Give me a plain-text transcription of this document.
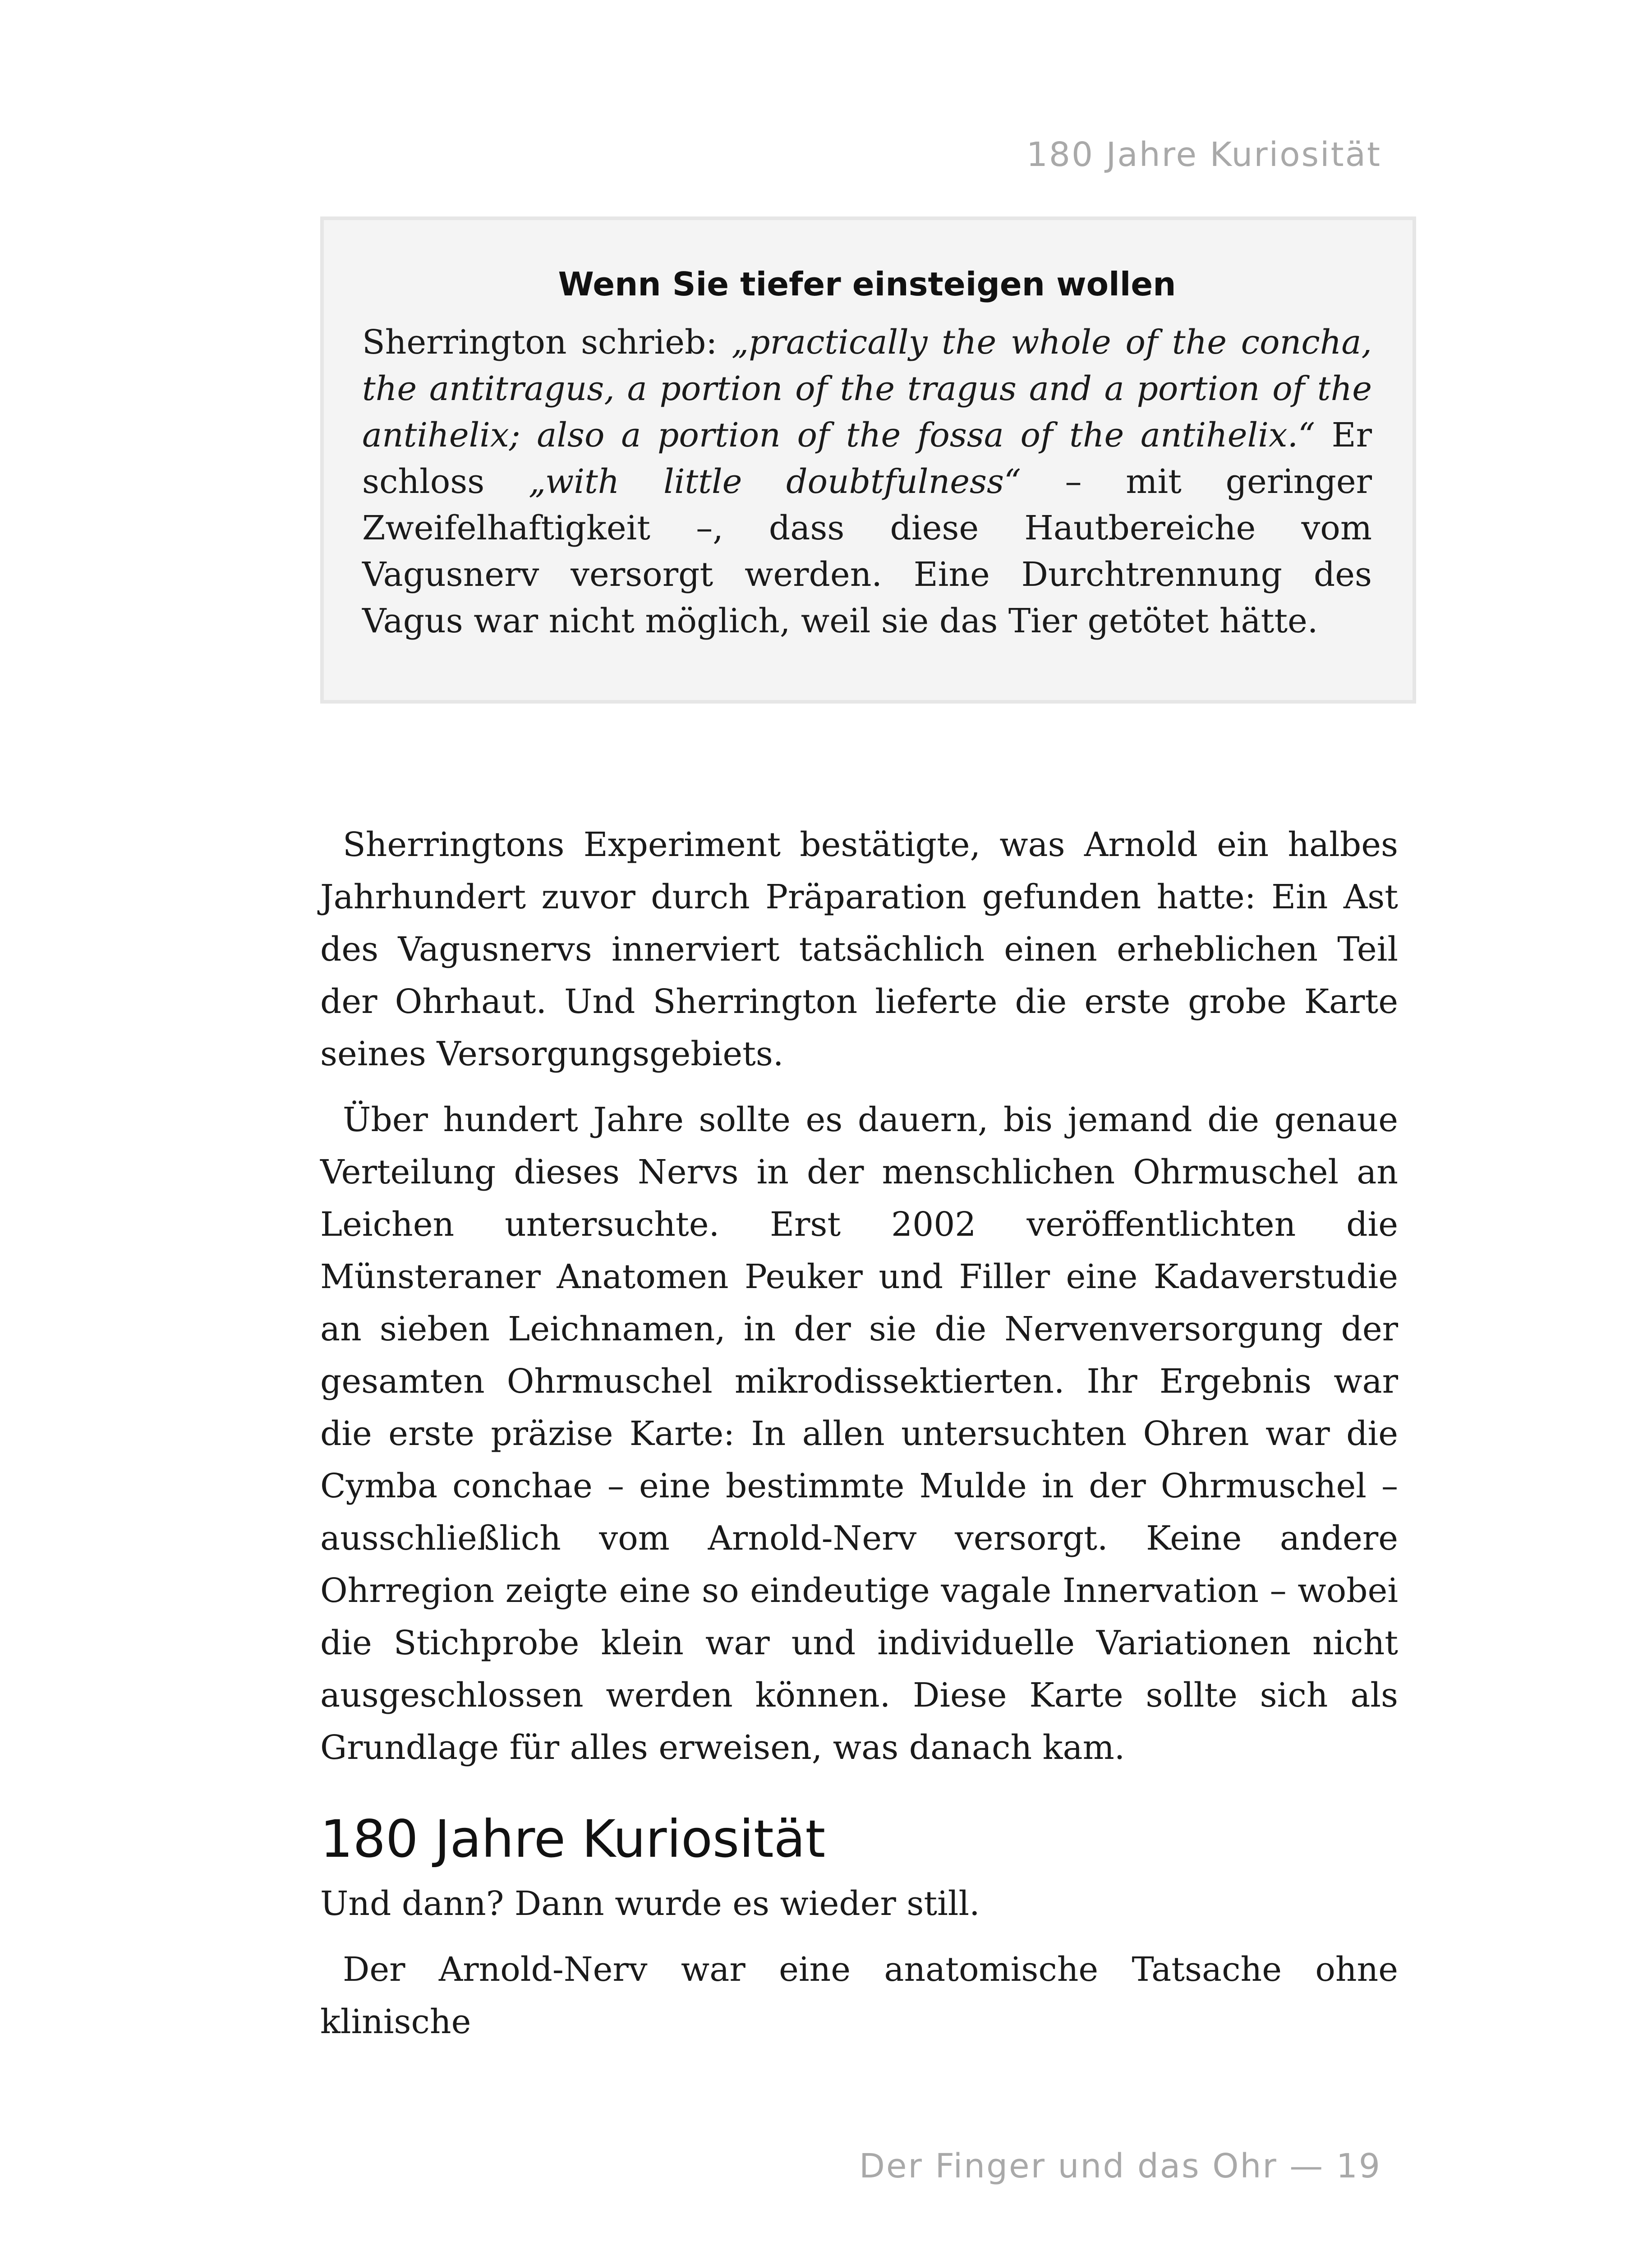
180 Jahre Kuriosität
Wenn Sie tiefer einsteigen wollen

Sherrington schrieb: „practically the whole of the concha, the antitragus, a portion of the tragus and a portion of the antihelix; also a portion of the fossa of the antihelix.“ Er schloss „with little doubtfulness“ – mit geringer Zweifelhaftigkeit –, dass diese Hautbereiche vom Vagusnerv versorgt werden. Eine Durchtrennung des Vagus war nicht möglich, weil sie das Tier getötet hätte.

Sherringtons Experiment bestätigte, was Arnold ein halbes Jahrhundert zuvor durch Präparation gefunden hatte: Ein Ast des Vagusnervs innerviert tatsächlich einen erheblichen Teil der Ohrhaut. Und Sherrington lieferte die erste grobe Karte seines Versorgungsgebiets.

Über hundert Jahre sollte es dauern, bis jemand die genaue Verteilung dieses Nervs in der menschlichen Ohrmuschel an Leichen untersuchte. Erst 2002 veröffentlichten die Münsteraner Anatomen Peuker und Filler eine Kadaverstudie an sieben Leichnamen, in der sie die Nervenversorgung der gesamten Ohrmuschel mikrodissektierten. Ihr Ergebnis war die erste präzise Karte: In allen untersuchten Ohren war die Cymba conchae – eine bestimmte Mulde in der Ohrmuschel – ausschließlich vom Arnold-Nerv versorgt. Keine andere Ohrregion zeigte eine so eindeutige vagale Innervation – wobei die Stichprobe klein war und individuelle Variationen nicht ausgeschlossen werden können. Diese Karte sollte sich als Grundlage für alles erweisen, was danach kam.

180 Jahre Kuriosität

Und dann? Dann wurde es wieder still.

Der Arnold-Nerv war eine anatomische Tatsache ohne klinische

Der Finger und das Ohr — 19
